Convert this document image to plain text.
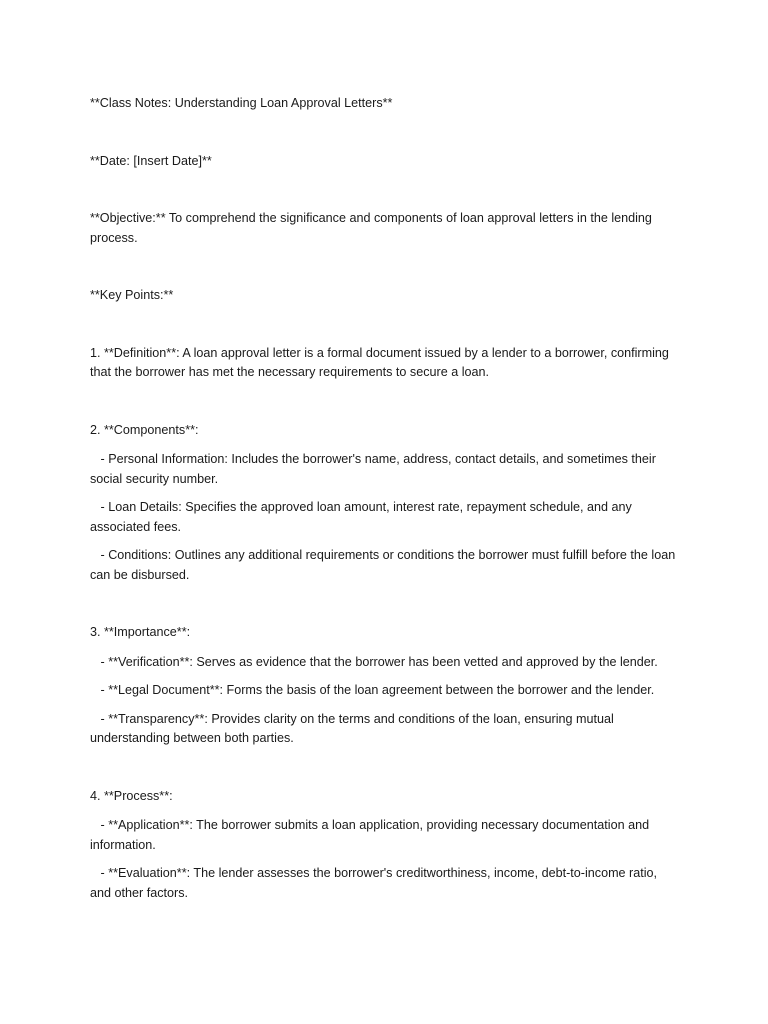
**Class Notes: Understanding Loan Approval Letters**

**Date: [Insert Date]**

**Objective:** To comprehend the significance and components of loan approval letters in the lending process.

**Key Points:**

1. **Definition**: A loan approval letter is a formal document issued by a lender to a borrower, confirming that the borrower has met the necessary requirements to secure a loan.

2. **Components**:

- Personal Information: Includes the borrower's name, address, contact details, and sometimes their social security number.

- Loan Details: Specifies the approved loan amount, interest rate, repayment schedule, and any associated fees.

- Conditions: Outlines any additional requirements or conditions the borrower must fulfill before the loan can be disbursed.

3. **Importance**:

- **Verification**: Serves as evidence that the borrower has been vetted and approved by the lender.

- **Legal Document**: Forms the basis of the loan agreement between the borrower and the lender.

- **Transparency**: Provides clarity on the terms and conditions of the loan, ensuring mutual understanding between both parties.

4. **Process**:

- **Application**: The borrower submits a loan application, providing necessary documentation and information.

- **Evaluation**: The lender assesses the borrower's creditworthiness, income, debt-to-income ratio, and other factors.
